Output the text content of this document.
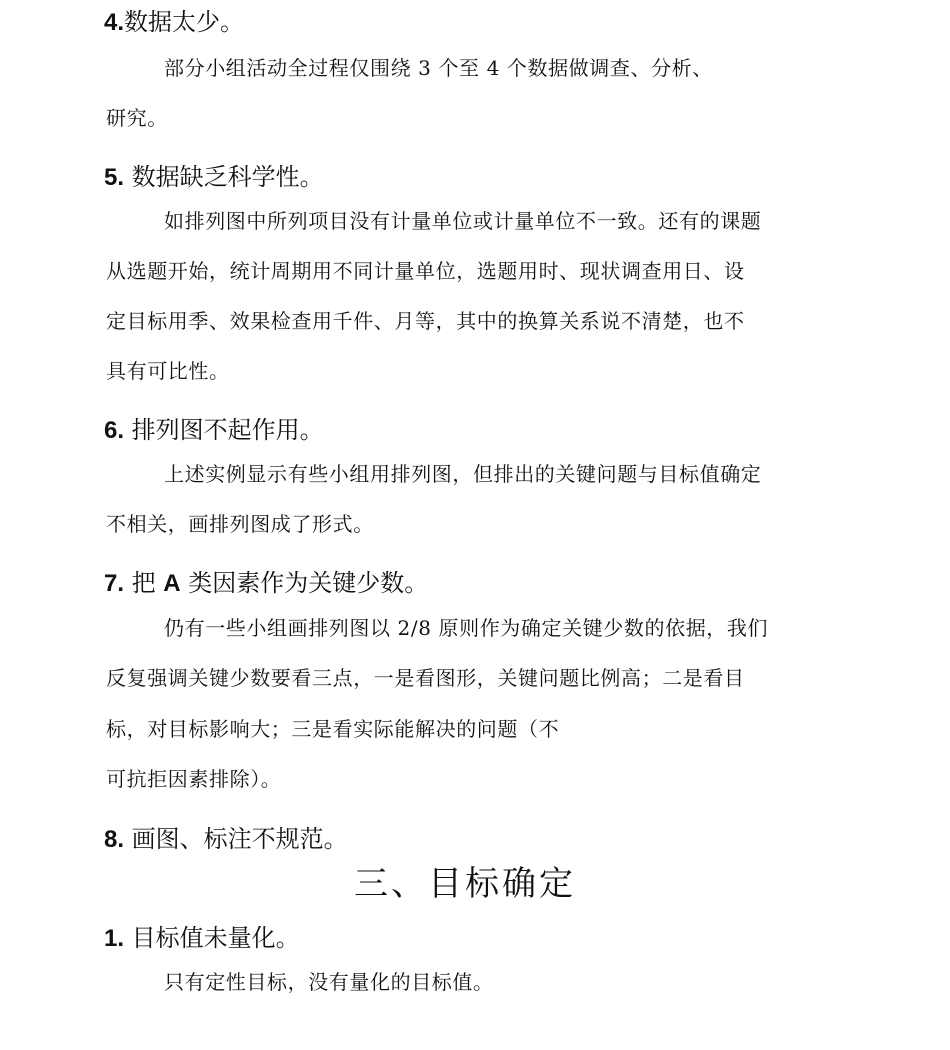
4.数据太少。
部分小组活动全过程仅围绕 3 个至 4 个数据做调查、分析、
研究。
5. 数据缺乏科学性。
如排列图中所列项目没有计量单位或计量单位不一致。还有的课题
从选题开始，统计周期用不同计量单位，选题用时、现状调查用日、设
定目标用季、效果检查用千件、月等，其中的换算关系说不清楚，也不
具有可比性。
6. 排列图不起作用。
上述实例显示有些小组用排列图，但排出的关键问题与目标值确定
不相关，画排列图成了形式。
7. 把 A 类因素作为关键少数。
仍有一些小组画排列图以 2/8 原则作为确定关键少数的依据，我们
反复强调关键少数要看三点，一是看图形，关键问题比例高；二是看目
标，对目标影响大；三是看实际能解决的问题（不
可抗拒因素排除）。
8. 画图、标注不规范。
三、目标确定
1. 目标值未量化。
只有定性目标，没有量化的目标值。
